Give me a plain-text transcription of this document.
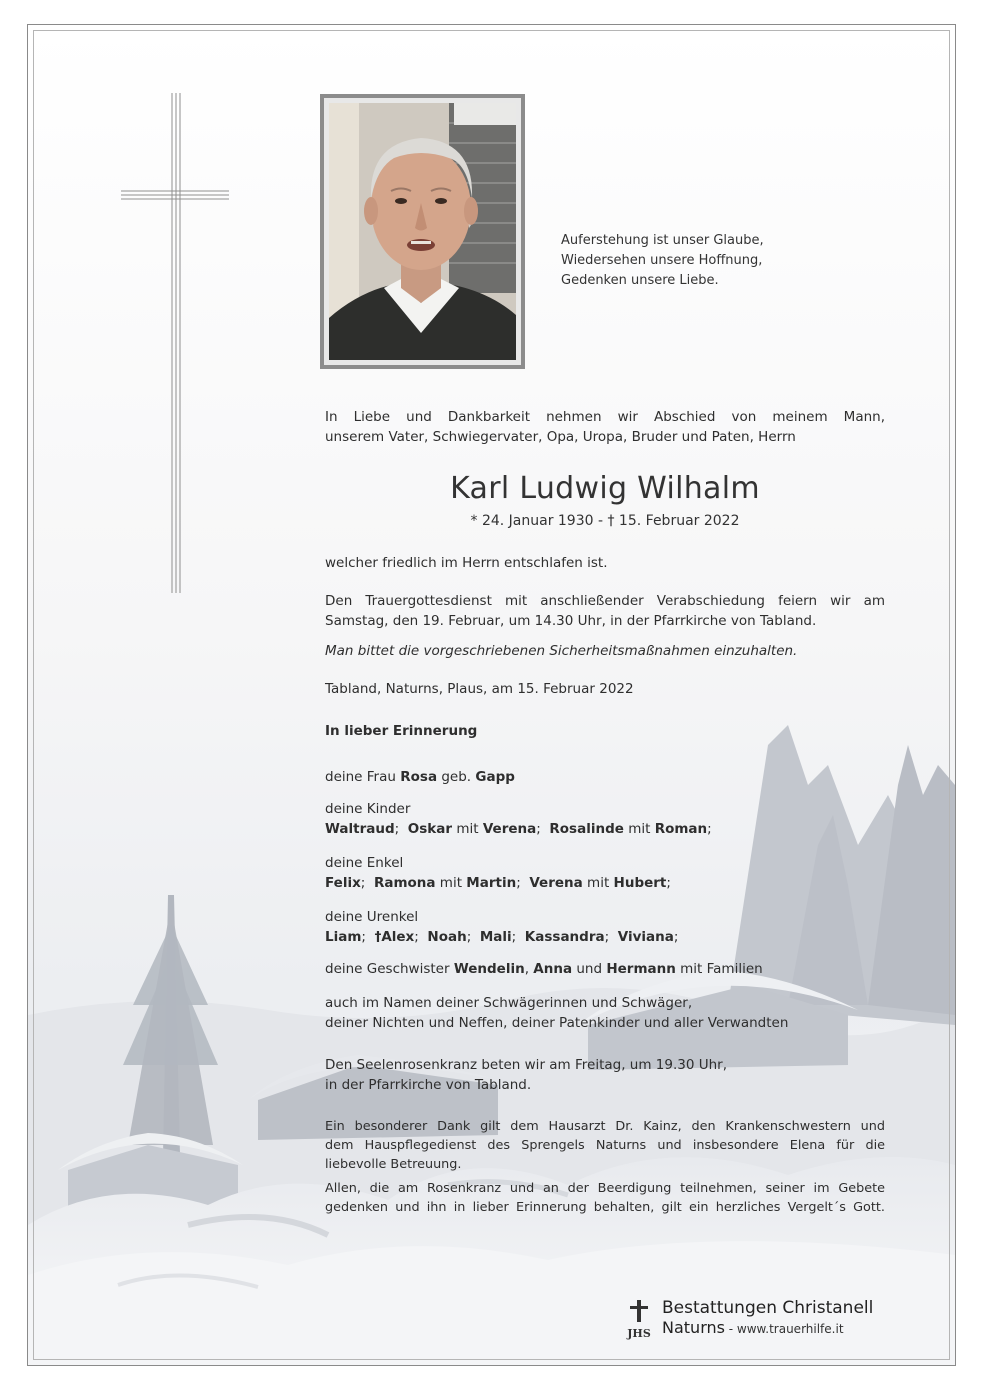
Auferstehung ist unser Glaube,
Wiedersehen unsere Hoffnung,
Gedenken unsere Liebe.
In Liebe und Dankbarkeit nehmen wir Abschied von meinem Mann,
unserem Vater, Schwiegervater, Opa, Uropa, Bruder und Paten, Herrn
Karl Ludwig Wilhalm
* 24. Januar 1930 - † 15. Februar 2022
welcher friedlich im Herrn entschlafen ist.
Den Trauergottesdienst mit anschließender Verabschiedung feiern wir am
Samstag, den 19. Februar, um 14.30 Uhr, in der Pfarrkirche von Tabland.
Man bittet die vorgeschriebenen Sicherheitsmaßnahmen einzuhalten.
Tabland, Naturns, Plaus, am 15. Februar 2022
In lieber Erinnerung
deine Frau Rosa geb. Gapp
deine Kinder
Waltraud;  Oskar mit Verena;  Rosalinde mit Roman;
deine Enkel
Felix;  Ramona mit Martin;  Verena mit Hubert;
deine Urenkel
Liam;  †Alex;  Noah;  Mali;  Kassandra;  Viviana;
deine Geschwister Wendelin, Anna und Hermann mit Familien
auch im Namen deiner Schwägerinnen und Schwäger,
deiner Nichten und Neffen, deiner Patenkinder und aller Verwandten
Den Seelenrosenkranz beten wir am Freitag, um 19.30 Uhr,
in der Pfarrkirche von Tabland.
Ein besonderer Dank gilt dem Hausarzt Dr. Kainz, den Krankenschwestern und
dem Hauspflegedienst des Sprengels Naturns und insbesondere Elena für die
liebevolle Betreuung.
Allen, die am Rosenkranz und an der Beerdigung teilnehmen, seiner im Gebete
gedenken und ihn in lieber Erinnerung behalten, gilt ein herzliches Vergelt´s Gott.
JHS
Bestattungen Christanell
Naturns - www.trauerhilfe.it
